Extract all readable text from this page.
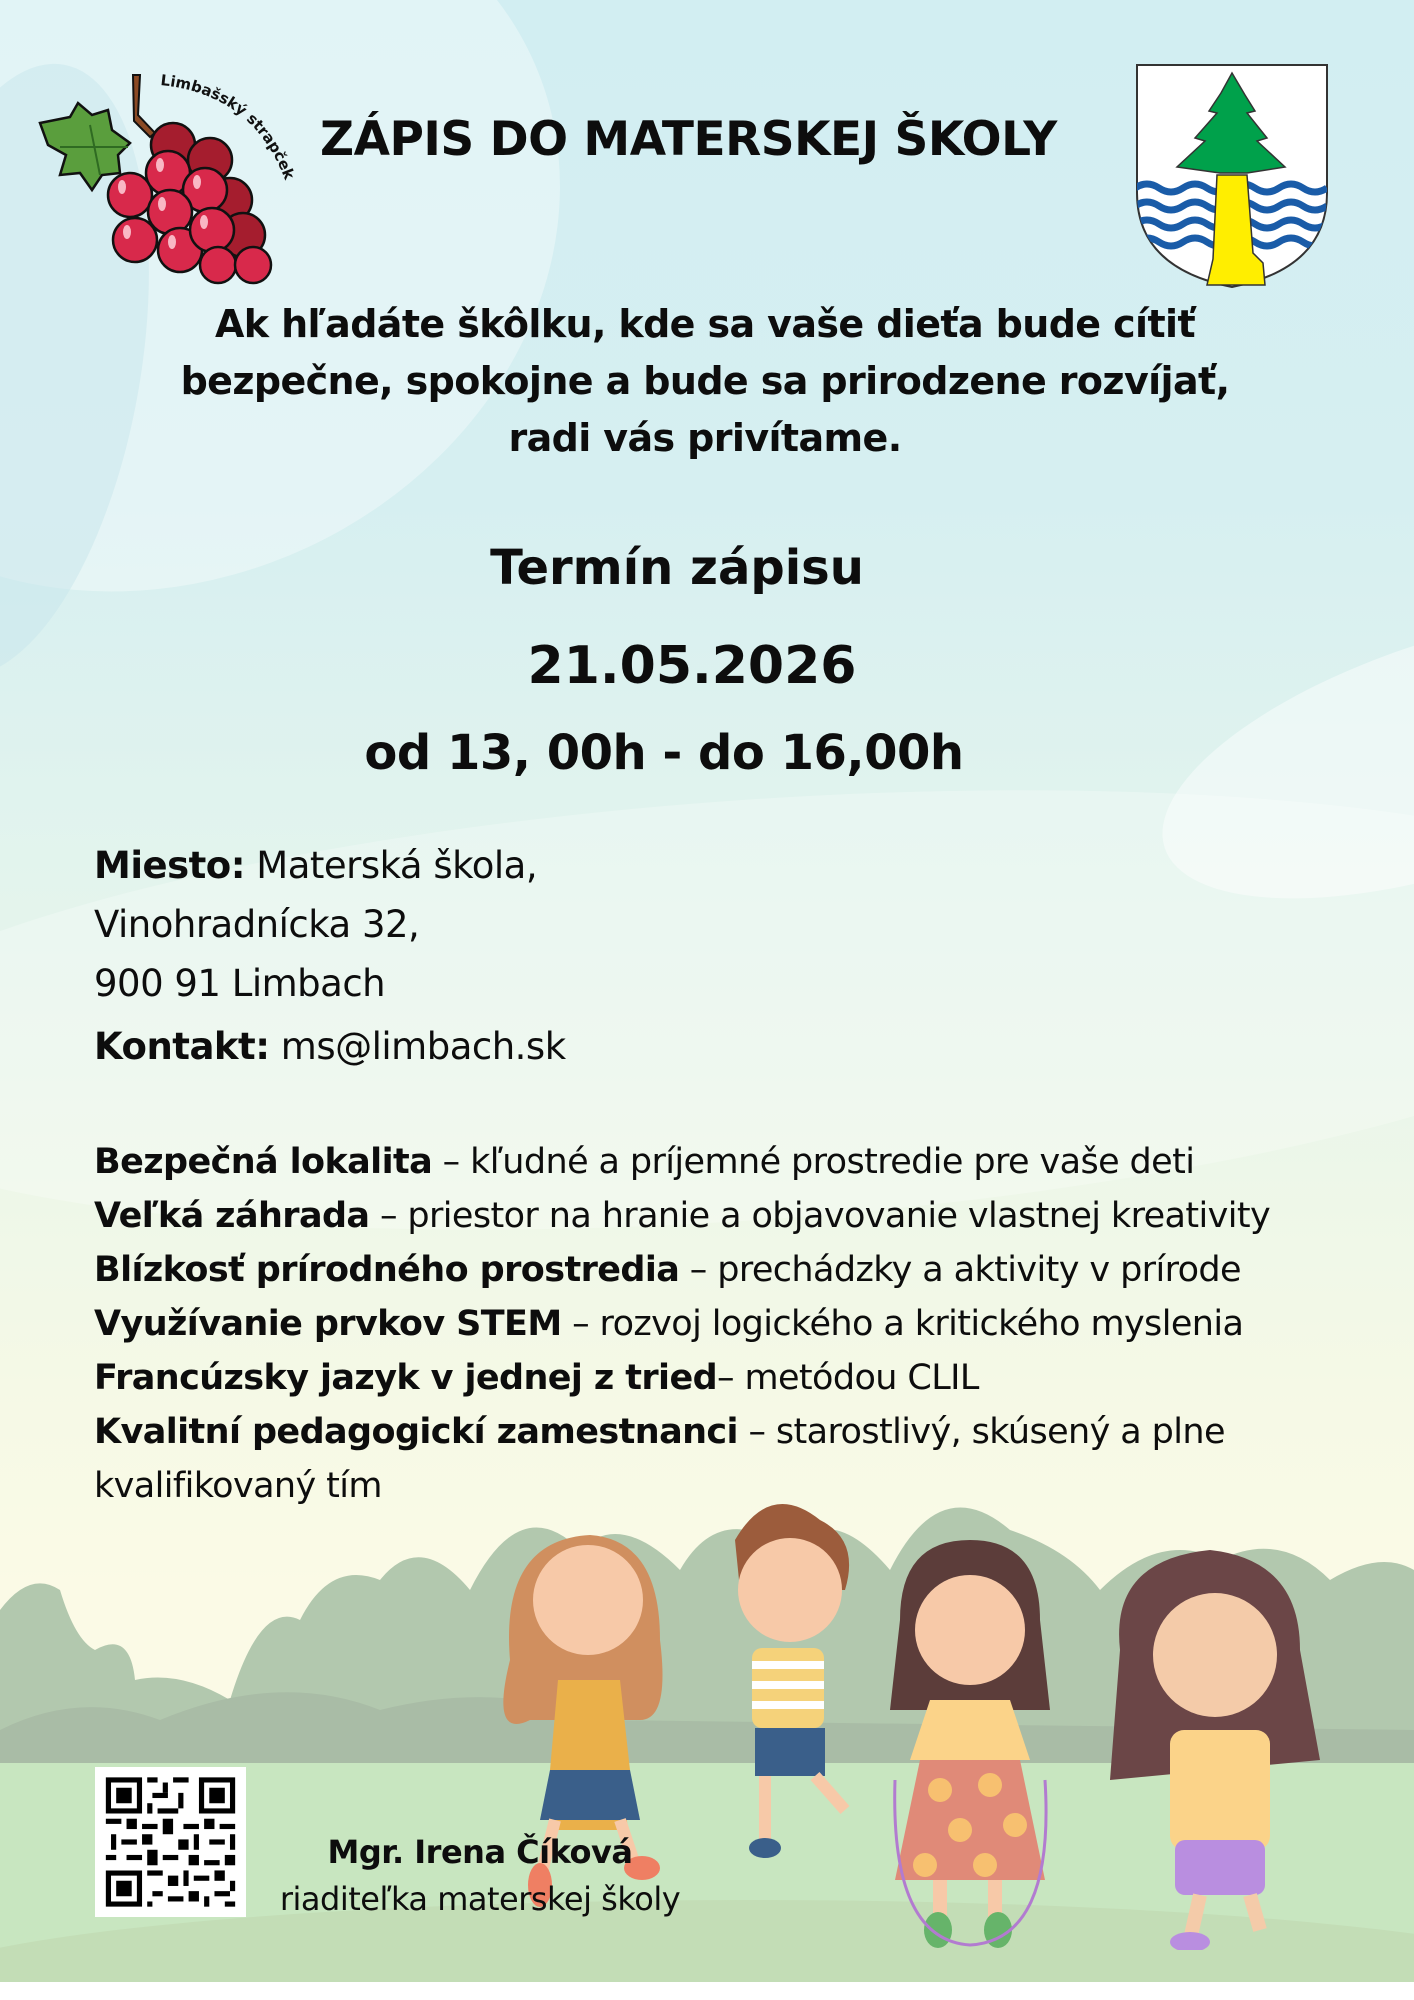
Limbašský strapček
ZÁPIS DO MATERSKEJ ŠKOLY
Ak hľadáte škôlku, kde sa vaše dieťa bude cítiť
bezpečne, spokojne a bude sa prirodzene rozvíjať,
radi vás privítame.
Termín zápisu
21.05.2026
od 13, 00h - do 16,00h
Miesto: Materská škola,
Vinohradnícka 32,
900 91 Limbach
Kontakt: ms@limbach.sk
Bezpečná lokalita – kľudné a príjemné prostredie pre vaše deti
Veľká záhrada – priestor na hranie a objavovanie vlastnej kreativity
Blízkosť prírodného prostredia – prechádzky a aktivity v prírode
Využívanie prvkov STEM – rozvoj logického a kritického myslenia
Francúzsky jazyk v jednej z tried– metódou CLIL
Kvalitní pedagogickí zamestnanci – starostlivý, skúsený a plne
kvalifikovaný tím
Mgr. Irena Číková
riaditeľka materskej školy
